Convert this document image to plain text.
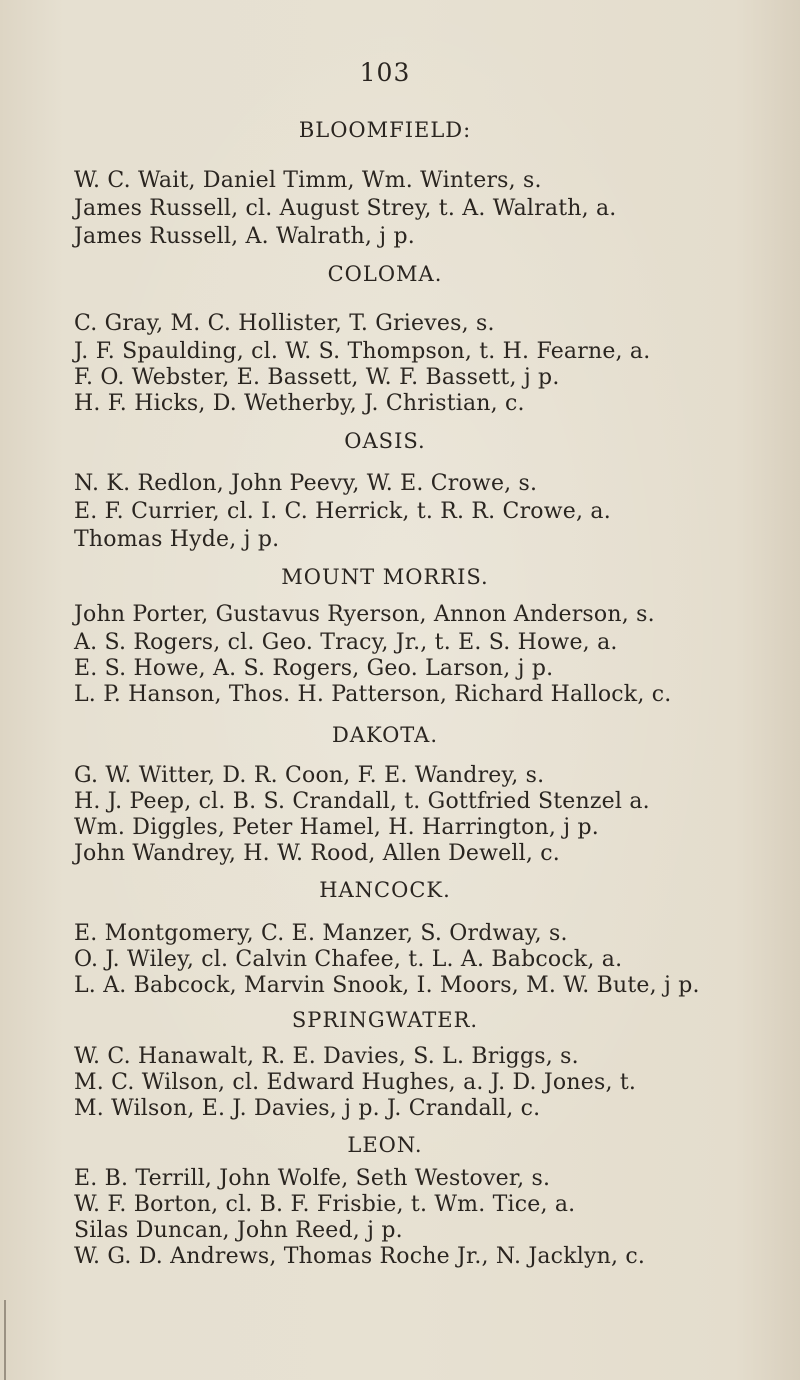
103
BLOOMFIELD:
W. C. Wait, Daniel Timm, Wm. Winters, s.
James Russell, cl. August Strey, t. A. Walrath, a.
James Russell, A. Walrath, j p.
COLOMA.
C. Gray, M. C. Hollister, T. Grieves, s.
J. F. Spaulding, cl. W. S. Thompson, t. H. Fearne, a.
F. O. Webster, E. Bassett, W. F. Bassett, j p.
H. F. Hicks, D. Wetherby, J. Christian, c.
OASIS.
N. K. Redlon, John Peevy, W. E. Crowe, s.
E. F. Currier, cl. I. C. Herrick, t. R. R. Crowe, a.
Thomas Hyde, j p.
MOUNT MORRIS.
John Porter, Gustavus Ryerson, Annon Anderson, s.
A. S. Rogers, cl. Geo. Tracy, Jr., t. E. S. Howe, a.
E. S. Howe, A. S. Rogers, Geo. Larson, j p.
L. P. Hanson, Thos. H. Patterson, Richard Hallock, c.
DAKOTA.
G. W. Witter, D. R. Coon, F. E. Wandrey, s.
H. J. Peep, cl. B. S. Crandall, t. Gottfried Stenzel a.
Wm. Diggles, Peter Hamel, H. Harrington, j p.
John Wandrey, H. W. Rood, Allen Dewell, c.
HANCOCK.
E. Montgomery, C. E. Manzer, S. Ordway, s.
O. J. Wiley, cl. Calvin Chafee, t. L. A. Babcock, a.
L. A. Babcock, Marvin Snook, I. Moors, M. W. Bute, j p.
SPRINGWATER.
W. C. Hanawalt, R. E. Davies, S. L. Briggs, s.
M. C. Wilson, cl. Edward Hughes, a. J. D. Jones, t.
M. Wilson, E. J. Davies, j p. J. Crandall, c.
LEON.
E. B. Terrill, John Wolfe, Seth Westover, s.
W. F. Borton, cl. B. F. Frisbie, t. Wm. Tice, a.
Silas Duncan, John Reed, j p.
W. G. D. Andrews, Thomas Roche Jr., N. Jacklyn, c.
